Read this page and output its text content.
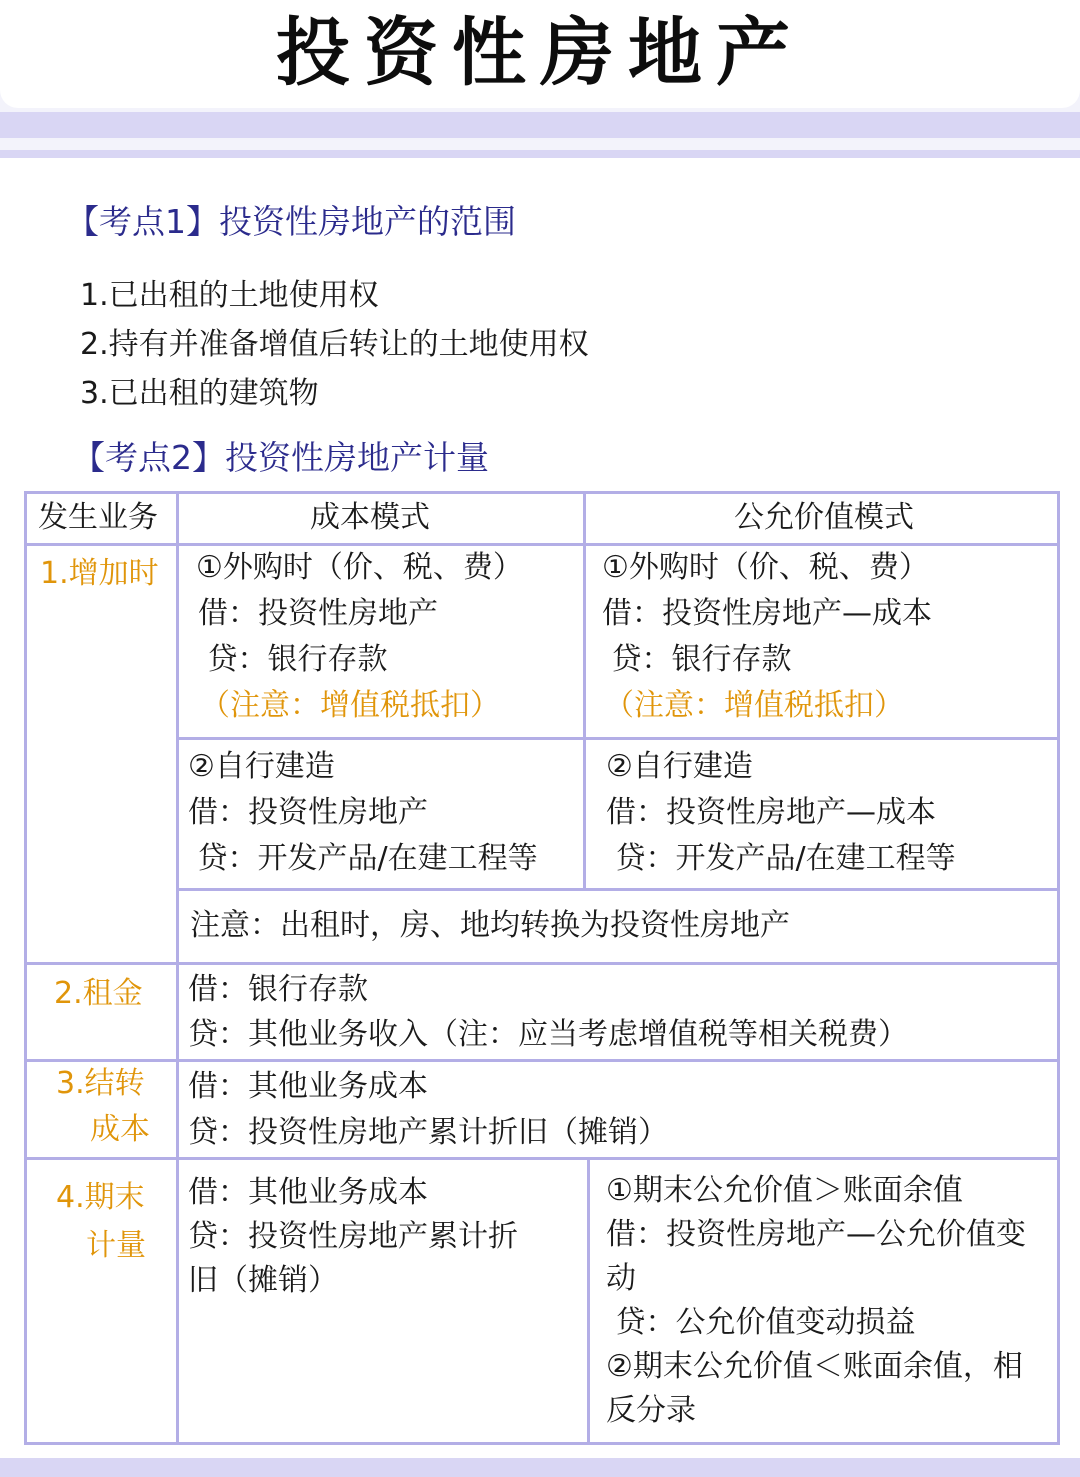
投资性房地产
【考点1】投资性房地产的范围
1.已出租的土地使用权
2.持有并准备增值后转让的土地使用权
3.已出租的建筑物
【考点2】投资性房地产计量
发生业务	成本模式	公允价值模式
1.增加时 ①外购时（价、税、费）
借：投资性房地产
贷：银行存款
（注意：增值税抵扣）
①外购时（价、税、费）
借：投资性房地产—成本
贷：银行存款
（注意：增值税抵扣）
②自行建造
借：投资性房地产
贷：开发产品/在建工程等
②自行建造
借：投资性房地产—成本
贷：开发产品/在建工程等
注意：出租时，房、地均转换为投资性房地产
2.租金 借：银行存款
贷：其他业务收入（注：应当考虑增值税等相关税费）
3.结转
成本
借：其他业务成本
贷：投资性房地产累计折旧（摊销）
4.期末
计量
借：其他业务成本
贷：投资性房地产累计折
旧（摊销）
①期末公允价值＞账面余值
借：投资性房地产—公允价值变
动
贷：公允价值变动损益
②期末公允价值＜账面余值，相
反分录
